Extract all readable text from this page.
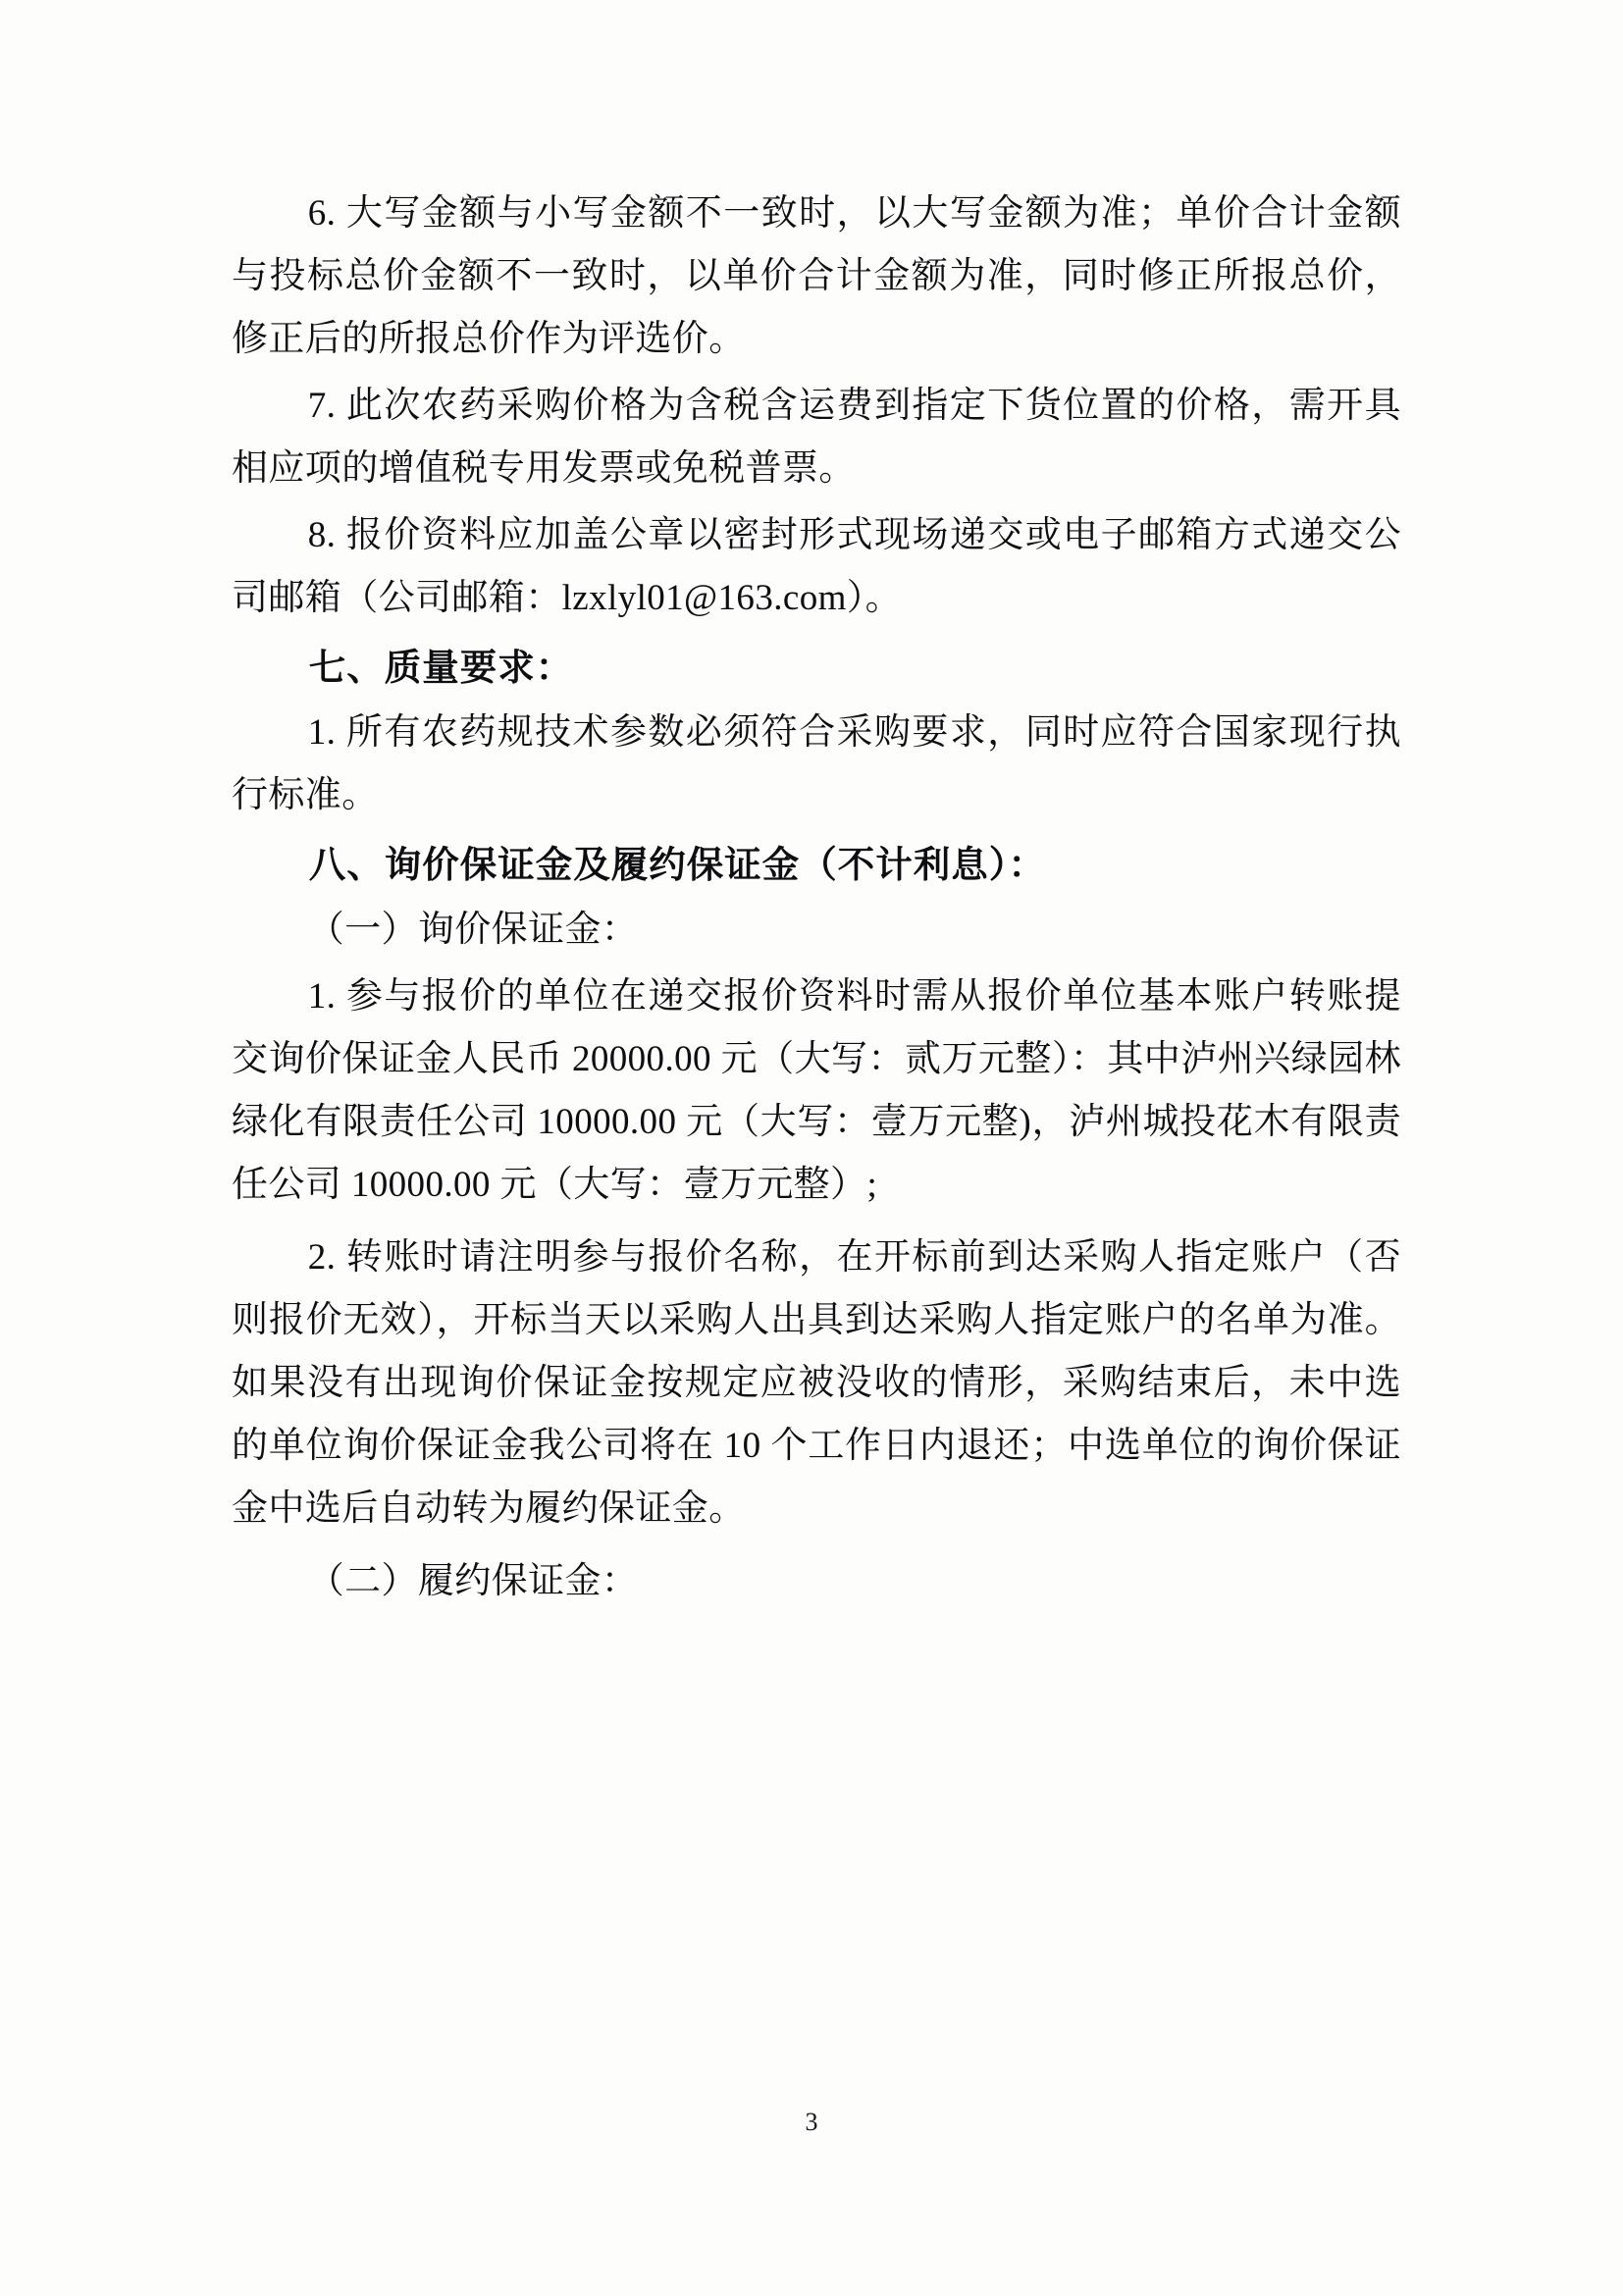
6. 大写金额与小写金额不一致时，以大写金额为准；单价合计金额与投标总价金额不一致时，以单价合计金额为准，同时修正所报总价，修正后的所报总价作为评选价。

7. 此次农药采购价格为含税含运费到指定下货位置的价格，需开具相应项的增值税专用发票或免税普票。

8. 报价资料应加盖公章以密封形式现场递交或电子邮箱方式递交公司邮箱（公司邮箱：lzxlyl01@163.com）。

七、质量要求：

1. 所有农药规技术参数必须符合采购要求，同时应符合国家现行执行标准。

八、询价保证金及履约保证金（不计利息）：

（一）询价保证金：

1. 参与报价的单位在递交报价资料时需从报价单位基本账户转账提交询价保证金人民币 20000.00 元（大写：贰万元整）：其中泸州兴绿园林绿化有限责任公司 10000.00 元（大写：壹万元整)，泸州城投花木有限责任公司 10000.00 元（大写：壹万元整）;

2. 转账时请注明参与报价名称，在开标前到达采购人指定账户（否则报价无效），开标当天以采购人出具到达采购人指定账户的名单为准。如果没有出现询价保证金按规定应被没收的情形，采购结束后，未中选的单位询价保证金我公司将在 10 个工作日内退还；中选单位的询价保证金中选后自动转为履约保证金。

（二）履约保证金：

3
